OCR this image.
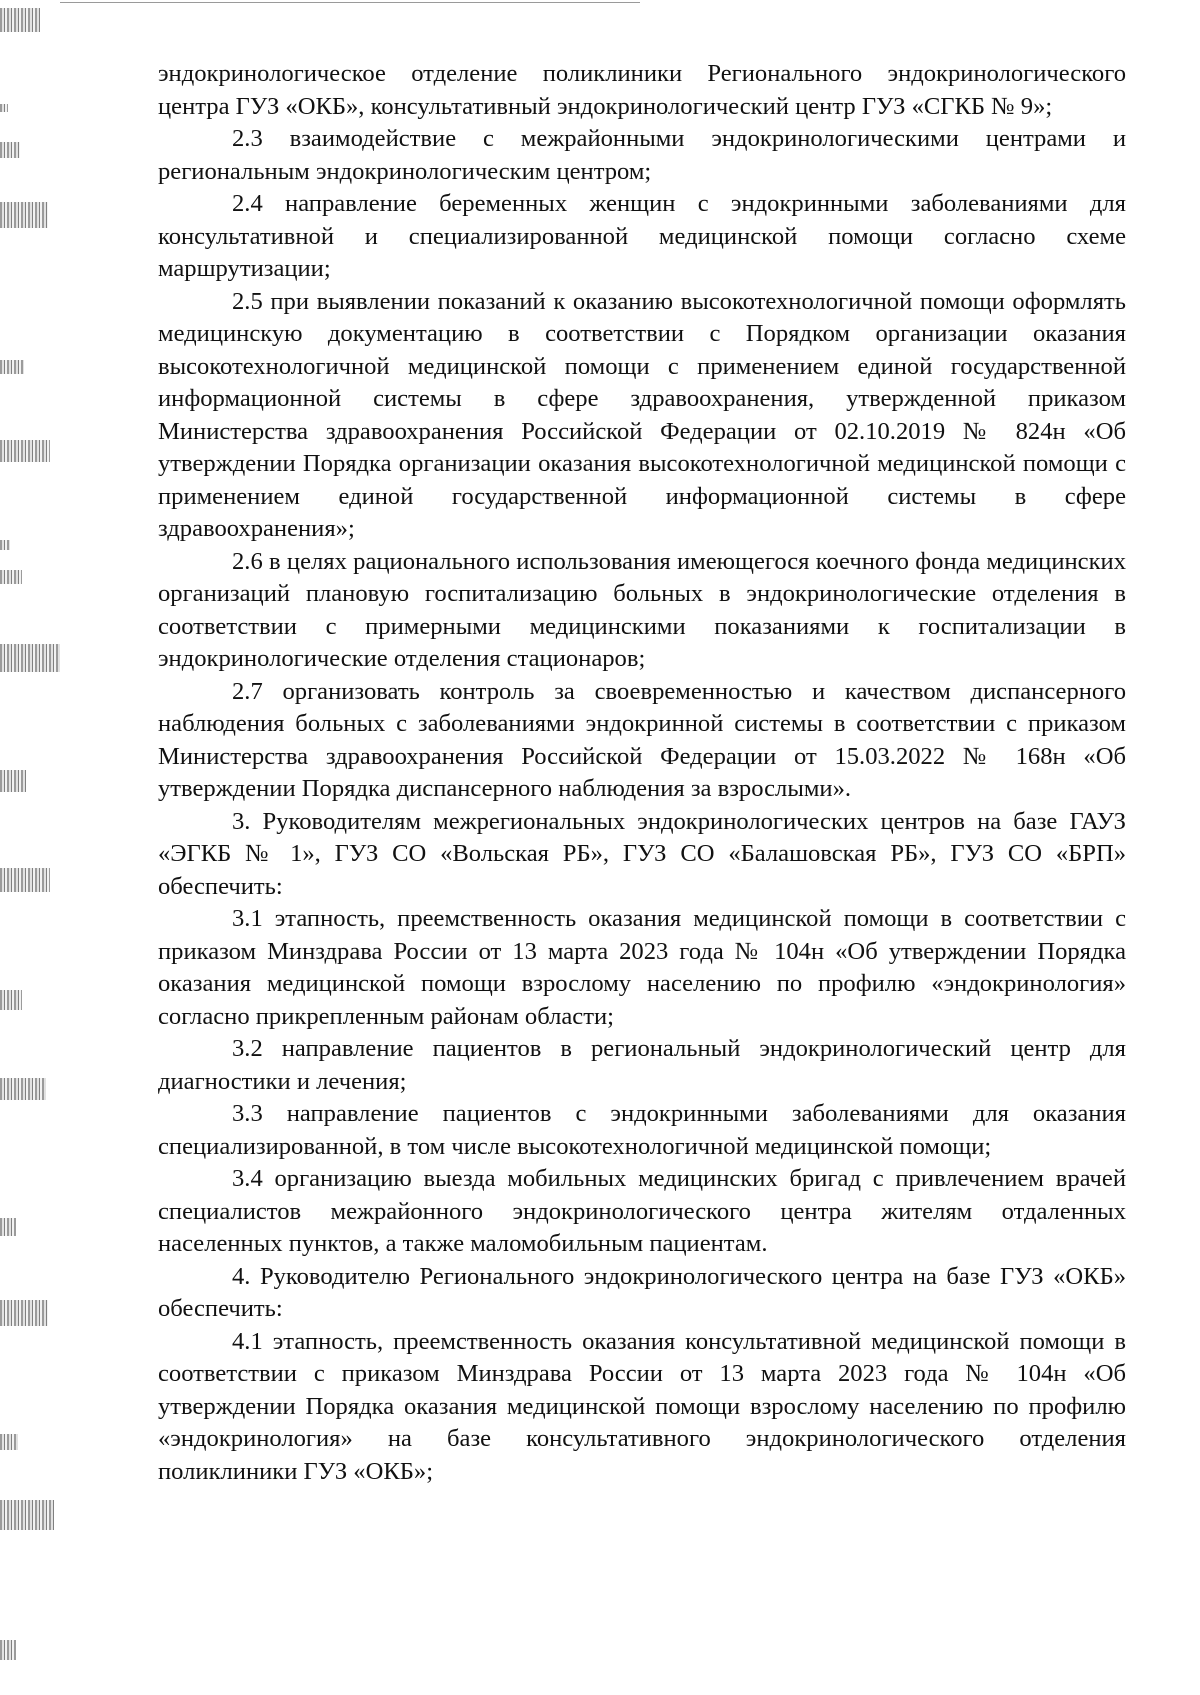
эндокринологическое отделение поликлиники Регионального эндокринологического центра ГУЗ «ОКБ», консультативный эндокринологический центр ГУЗ «СГКБ № 9»;

2.3 взаимодействие с межрайонными эндокринологическими центрами и региональным эндокринологическим центром;

2.4 направление беременных женщин с эндокринными заболеваниями для консультативной и специализированной медицинской помощи согласно схеме маршрутизации;

2.5 при выявлении показаний к оказанию высокотехнологичной помощи оформлять медицинскую документацию в соответствии с Порядком организации оказания высокотехнологичной медицинской помощи с применением единой государственной информационной системы в сфере здравоохранения, утвержденной приказом Министерства здравоохранения Российской Федерации от 02.10.2019 № 824н «Об утверждении Порядка организации оказания высокотехнологичной медицинской помощи с применением единой государственной информационной системы в сфере здравоохранения»;

2.6 в целях рационального использования имеющегося коечного фонда медицинских организаций плановую госпитализацию больных в эндокринологические отделения в соответствии с примерными медицинскими показаниями к госпитализации в эндокринологические отделения стационаров;

2.7 организовать контроль за своевременностью и качеством диспансерного наблюдения больных с заболеваниями эндокринной системы в соответствии с приказом Министерства здравоохранения Российской Федерации от 15.03.2022 № 168н «Об утверждении Порядка диспансерного наблюдения за взрослыми».

3. Руководителям межрегиональных эндокринологических центров на базе ГАУЗ «ЭГКБ № 1», ГУЗ СО «Вольская РБ», ГУЗ СО «Балашовская РБ», ГУЗ СО «БРП» обеспечить:

3.1 этапность, преемственность оказания медицинской помощи в соответствии с приказом Минздрава России от 13 марта 2023 года № 104н «Об утверждении Порядка оказания медицинской помощи взрослому населению по профилю «эндокринология» согласно прикрепленным районам области;

3.2 направление пациентов в региональный эндокринологический центр для диагностики и лечения;

3.3 направление пациентов с эндокринными заболеваниями для оказания специализированной, в том числе высокотехнологичной медицинской помощи;

3.4 организацию выезда мобильных медицинских бригад с привлечением врачей специалистов межрайонного эндокринологического центра жителям отдаленных населенных пунктов, а также маломобильным пациентам.

4. Руководителю Регионального эндокринологического центра на базе ГУЗ «ОКБ» обеспечить:

4.1 этапность, преемственность оказания консультативной медицинской помощи в соответствии с приказом Минздрава России от 13 марта 2023 года № 104н «Об утверждении Порядка оказания медицинской помощи взрослому населению по профилю «эндокринология» на базе консультативного эндокринологического отделения поликлиники ГУЗ «ОКБ»;
